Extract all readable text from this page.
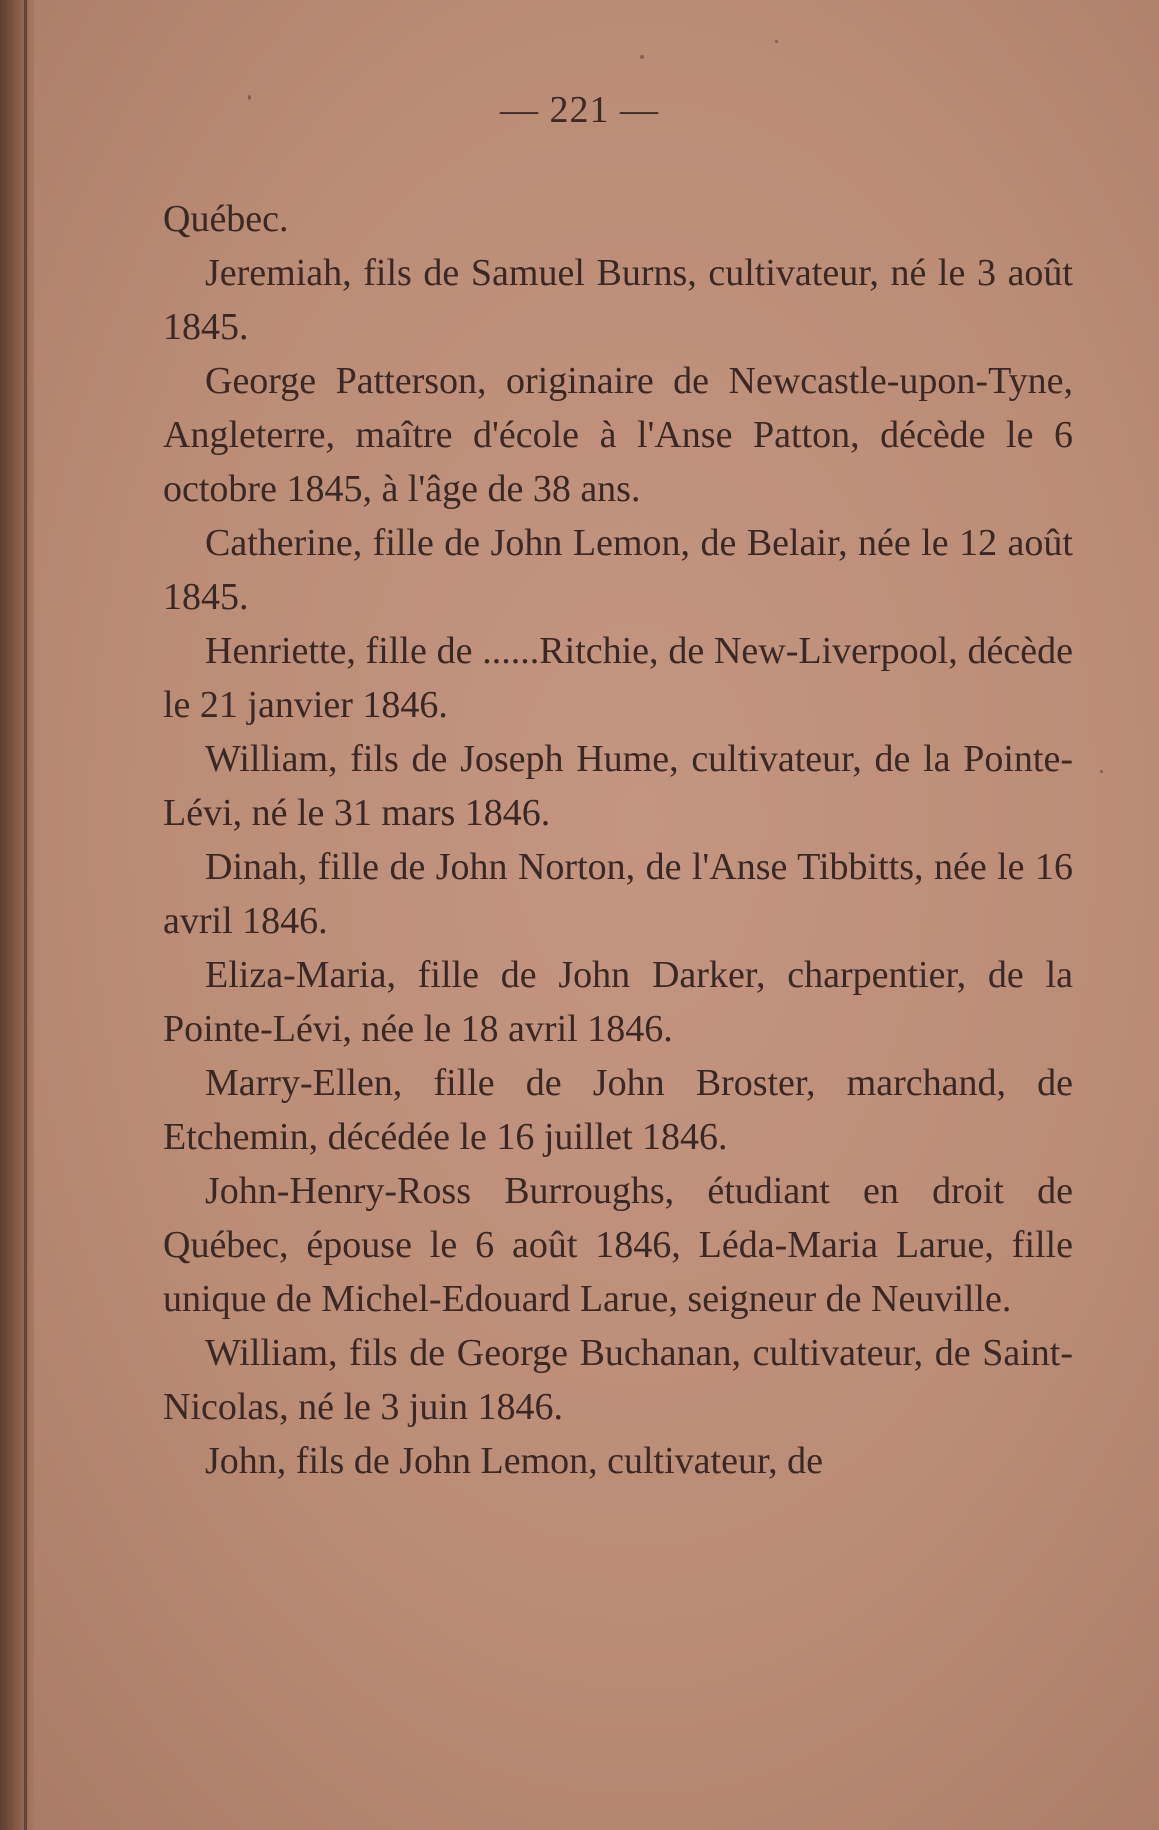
— 221 —

Québec.

Jeremiah, fils de Samuel Burns, cultivateur, né le 3 août 1845.

George Patterson, originaire de Newcastle-upon-Tyne, Angleterre, maître d'école à l'Anse Patton, décède le 6 octobre 1845, à l'âge de 38 ans.

Catherine, fille de John Lemon, de Belair, née le 12 août 1845.

Henriette, fille de ......Ritchie, de New-Liverpool, décède le 21 janvier 1846.

William, fils de Joseph Hume, cultivateur, de la Pointe-Lévi, né le 31 mars 1846.

Dinah, fille de John Norton, de l'Anse Tibbitts, née le 16 avril 1846.

Eliza-Maria, fille de John Darker, charpentier, de la Pointe-Lévi, née le 18 avril 1846.

Marry-Ellen, fille de John Broster, marchand, de Etchemin, décédée le 16 juillet 1846.

John-Henry-Ross Burroughs, étudiant en droit de Québec, épouse le 6 août 1846, Léda-Maria Larue, fille unique de Michel-Edouard Larue, seigneur de Neuville.

William, fils de George Buchanan, cultivateur, de Saint-Nicolas, né le 3 juin 1846.

John, fils de John Lemon, cultivateur, de
